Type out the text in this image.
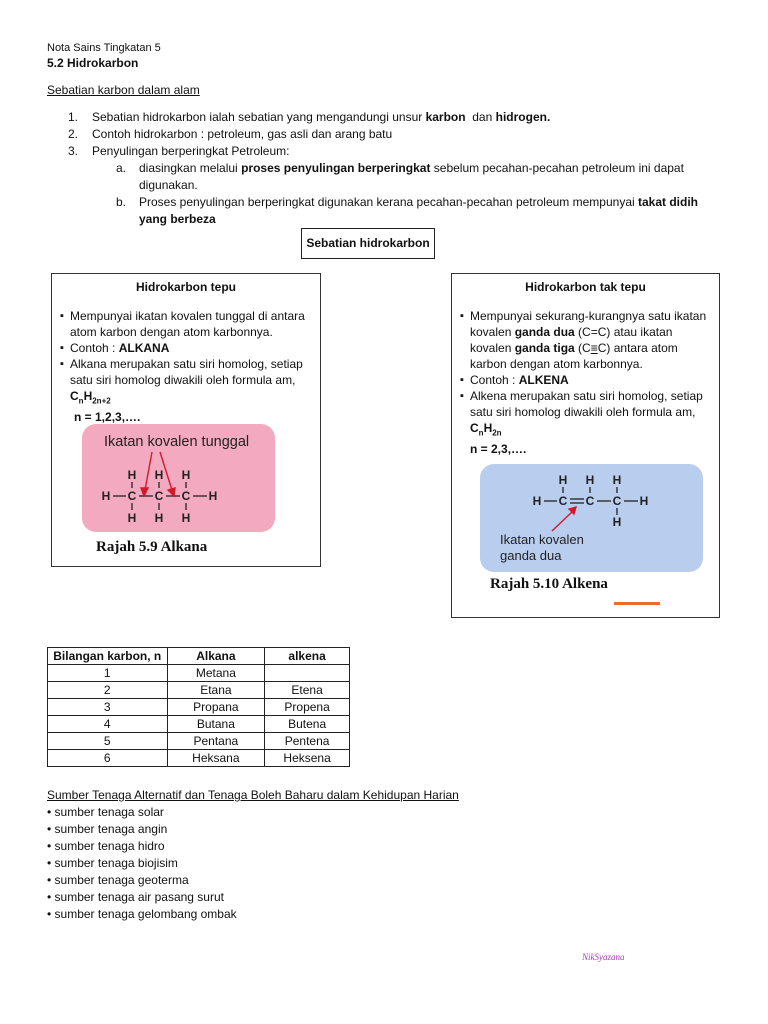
Nota Sains Tingkatan 5
5.2 Hidrokarbon
Sebatian karbon dalam alam
1.	Sebatian hidrokarbon ialah sebatian yang mengandungi unsur karbon  dan hidrogen.
2.	Contoh hidrokarbon : petroleum, gas asli dan arang batu
3.	Penyulingan berperingkat Petroleum:
a.	diasingkan melalui proses penyulingan berperingkat sebelum pecahan-pecahan petroleum ini dapat digunakan.
b.	Proses penyulingan berperingkat digunakan kerana pecahan-pecahan petroleum mempunyai takat didih yang berbeza
Sebatian hidrokarbon
Hidrokarbon tepu
▪ Mempunyai ikatan kovalen tunggal di antara atom karbon dengan atom karbonnya.
▪ Contoh : ALKANA
▪ Alkana merupakan satu siri homolog, setiap satu siri homolog diwakili oleh formula am,
$C_nH_{2n+2}$
n = 1,2,3,….
Ikatan kovalen tunggal
H H H
H C C C H
H H H
Rajah 5.9 Alkana
Hidrokarbon tak tepu
▪ Mempunyai sekurang-kurangnya satu ikatan kovalen ganda dua (C=C) atau ikatan  kovalen ganda tiga (C≡C) antara atom karbon dengan atom karbonnya.
▪ Contoh : ALKENA
▪ Alkena merupakan satu siri homolog, setiap satu siri homolog diwakili oleh formula am,
$C_nH_{2n}$
n = 2,3,….
H H H
H C C C H
H
Ikatan kovalen
ganda dua
Rajah 5.10 Alkena
Bilangan karbon, n	Alkana	alkena
1	Metana	
2	Etana	Etena
3	Propana	Propena
4	Butana	Butena
5	Pentana	Pentena
6	Heksana	Heksena
Sumber Tenaga Alternatif dan Tenaga Boleh Baharu dalam Kehidupan Harian
• sumber tenaga solar
• sumber tenaga angin
• sumber tenaga hidro
• sumber tenaga biojisim
• sumber tenaga geoterma
• sumber tenaga air pasang surut
• sumber tenaga gelombang ombak
NikSyazana
